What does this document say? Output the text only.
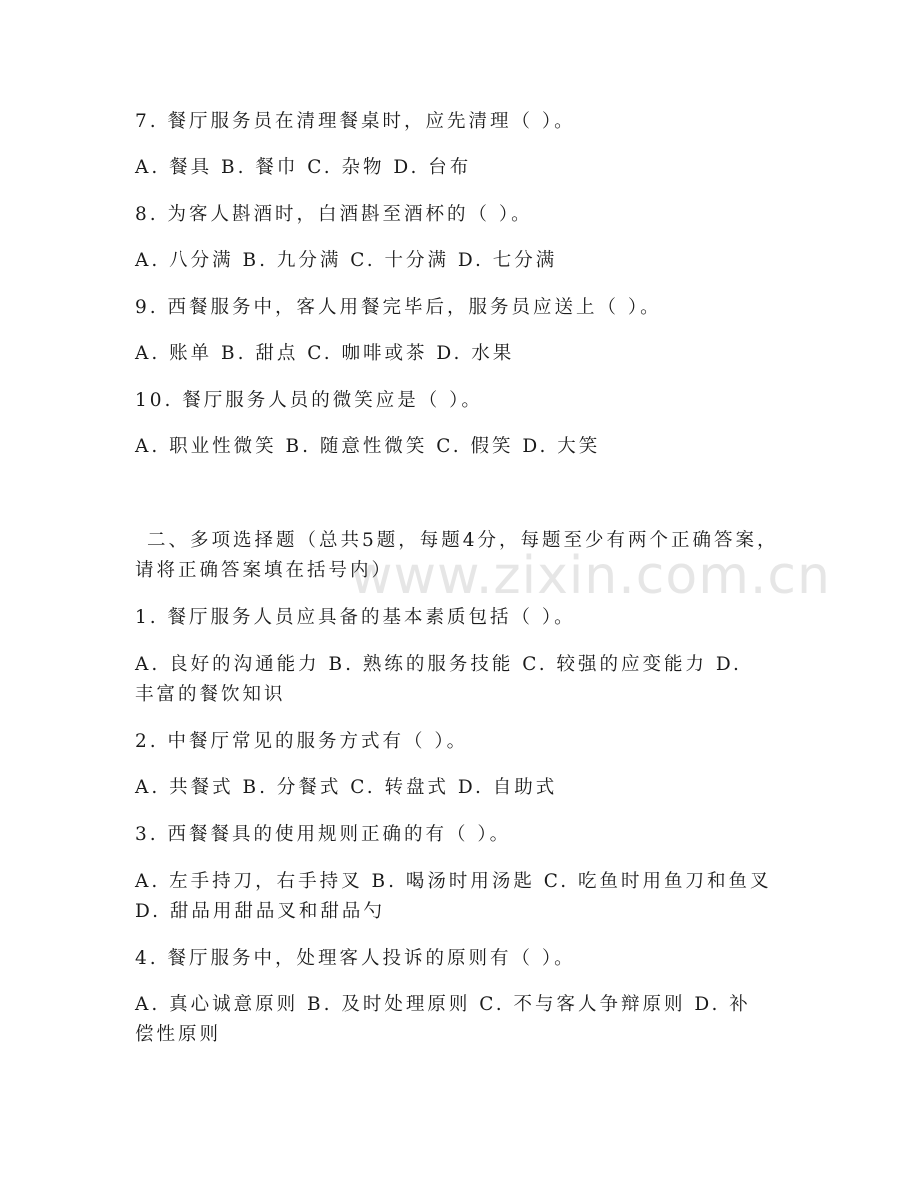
www.zixin.com.cn
7. 餐厅服务员在清理餐桌时，应先清理（ ）。
A. 餐具 B. 餐巾 C. 杂物 D. 台布
8. 为客人斟酒时，白酒斟至酒杯的（ ）。
A. 八分满 B. 九分满 C. 十分满 D. 七分满
9. 西餐服务中，客人用餐完毕后，服务员应送上（ ）。
A. 账单 B. 甜点 C. 咖啡或茶 D. 水果
10. 餐厅服务人员的微笑应是（ ）。
A. 职业性微笑 B. 随意性微笑 C. 假笑 D. 大笑
二、多项选择题（总共5题，每题4分，每题至少有两个正确答案，
请将正确答案填在括号内）
1. 餐厅服务人员应具备的基本素质包括（ ）。
A. 良好的沟通能力 B. 熟练的服务技能 C. 较强的应变能力 D.
丰富的餐饮知识
2. 中餐厅常见的服务方式有（ ）。
A. 共餐式 B. 分餐式 C. 转盘式 D. 自助式
3. 西餐餐具的使用规则正确的有（ ）。
A. 左手持刀，右手持叉 B. 喝汤时用汤匙 C. 吃鱼时用鱼刀和鱼叉
D. 甜品用甜品叉和甜品勺
4. 餐厅服务中，处理客人投诉的原则有（ ）。
A. 真心诚意原则 B. 及时处理原则 C. 不与客人争辩原则 D. 补
偿性原则
